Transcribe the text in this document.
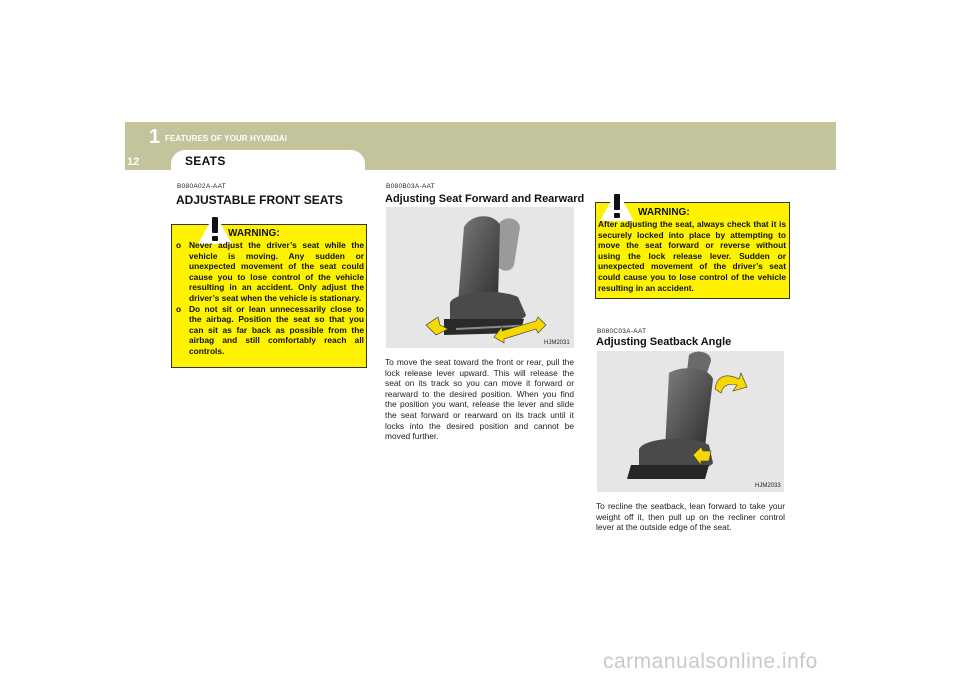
1 FEATURES OF YOUR HYUNDAI
12	SEATS
B080A02A-AAT
ADJUSTABLE FRONT SEATS
WARNING:
o Never adjust the driver’s seat while the vehicle is moving. Any sudden or unexpected movement of the seat could cause you to lose control of the vehicle resulting in an accident. Only adjust the driver’s seat when the vehicle is stationary.
o Do not sit or lean unnecessarily close to the airbag. Position the seat so that you can sit as far back as possible from the airbag and still comfortably reach all controls.
B080B03A-AAT
Adjusting Seat Forward and Rearward
HJM2031

To move the seat toward the front or rear, pull the lock release lever upward. This will release the seat on its track so you can move it forward or rearward to the desired position. When you find the position you want, release the lever and slide the seat forward or rearward on its track until it locks into the desired position and cannot be moved further.

WARNING:

After adjusting the seat, always check that it is securely locked into place by attempting to move the seat forward or reverse without using the lock release lever. Sudden or unexpected movement of the driver’s seat could cause you to lose control of the vehicle resulting in an accident.

B080C03A-AAT
Adjusting Seatback Angle
HJM2033

To recline the seatback, lean forward to take your weight off it, then pull up on the recliner control lever at the outside edge of the seat.

carmanualsonline.info
